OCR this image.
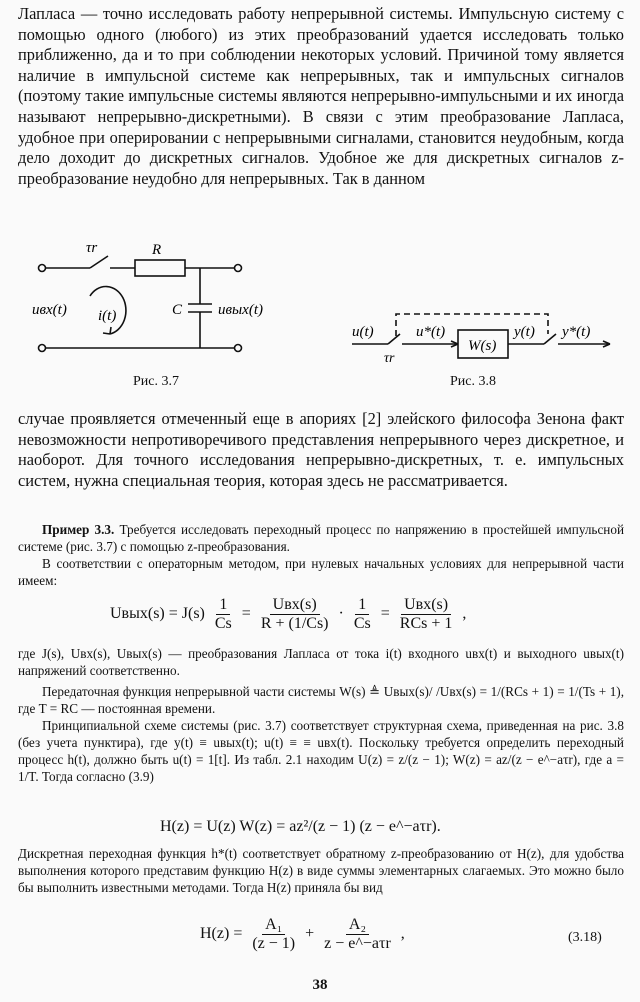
Лапласа — точно исследовать работу непрерывной системы. Импульсную систему с помощью одного (любого) из этих преобразований удается исследовать только приближенно, да и то при соблюдении некоторых условий. Причиной тому является наличие в импульсной системе как непрерывных, так и импульсных сигналов (поэтому такие импульсные системы являются непрерывно-импульсными и их иногда называют непрерывно-дискретными). В связи с этим преобразование Лапласа, удобное при оперировании с непрерывными сигналами, становится неудобным, когда дело доходит до дискретных сигналов. Удобное же для дискретных сигналов z-преобразование неудобно для непрерывных. Так в данном
τr	R
C
uвх(t) i(t)	uвых(t)
Рис. 3.7
u(t)
τr
u*(t)
W(s)
y(t) y*(t)
Рис. 3.8
случае проявляется отмеченный еще в апориях [2] элейского философа Зенона факт невозможности непротиворечивого представления непрерывного через дискретное, и наоборот. Для точного исследования непрерывно-дискретных, т. е. импульсных систем, нужна специальная теория, которая здесь не рассматривается.
Пример 3.3. Требуется исследовать переходный процесс по напряжению в простейшей импульсной системе (рис. 3.7) с помощью z-преобразования.
В соответствии с операторным методом, при нулевых начальных условиях для непрерывной части имеем:
Uвых(s) = $J(s) \frac{1}{Cs} = \frac{\text{Uвх(s)}}{R + (1/Cs)} \cdot \frac{1}{Cs} = \frac{\text{Uвх(s)}}{\text{RCs + 1}}$ ,
где J(s), Uвх(s), Uвых(s) — преобразования Лапласа от тока i(t) входного uвх(t) и выходного uвых(t) напряжений соответственно.
Передаточная функция непрерывной части системы W(s) ≜ Uвых(s)/ /Uвх(s) = 1/(RCs + 1) = 1/(Ts + 1), где T = RC — постоянная времени.
Принципиальной схеме системы (рис. 3.7) соответствует структурная схема, приведенная на рис. 3.8 (без учета пунктира), где y(t) ≡ uвых(t); u(t) ≡ ≡ uвх(t). Поскольку требуется определить переходный процесс h(t), должно быть u(t) = 1[t]. Из табл. 2.1 находим U(z) = z/(z − 1); W(z) = az/(z − e^−aτr), где a = 1/T. Тогда согласно (3.9)
H(z) = U(z) W(z) = az²/(z − 1) (z − e^−aτr).
Дискретная переходная функция h*(t) соответствует обратному z-преобразованию от H(z), для удобства выполнения которого представим функцию H(z) в виде суммы элементарных слагаемых. Это можно было бы выполнить известными методами. Тогда H(z) приняла бы вид
$H(z) = \frac{\text{A₁}}{(z - 1)} + \frac{\text{A₂}}{\text{z − e\textasciicircum{}−aτr}}$ ,	(3.18)
38
